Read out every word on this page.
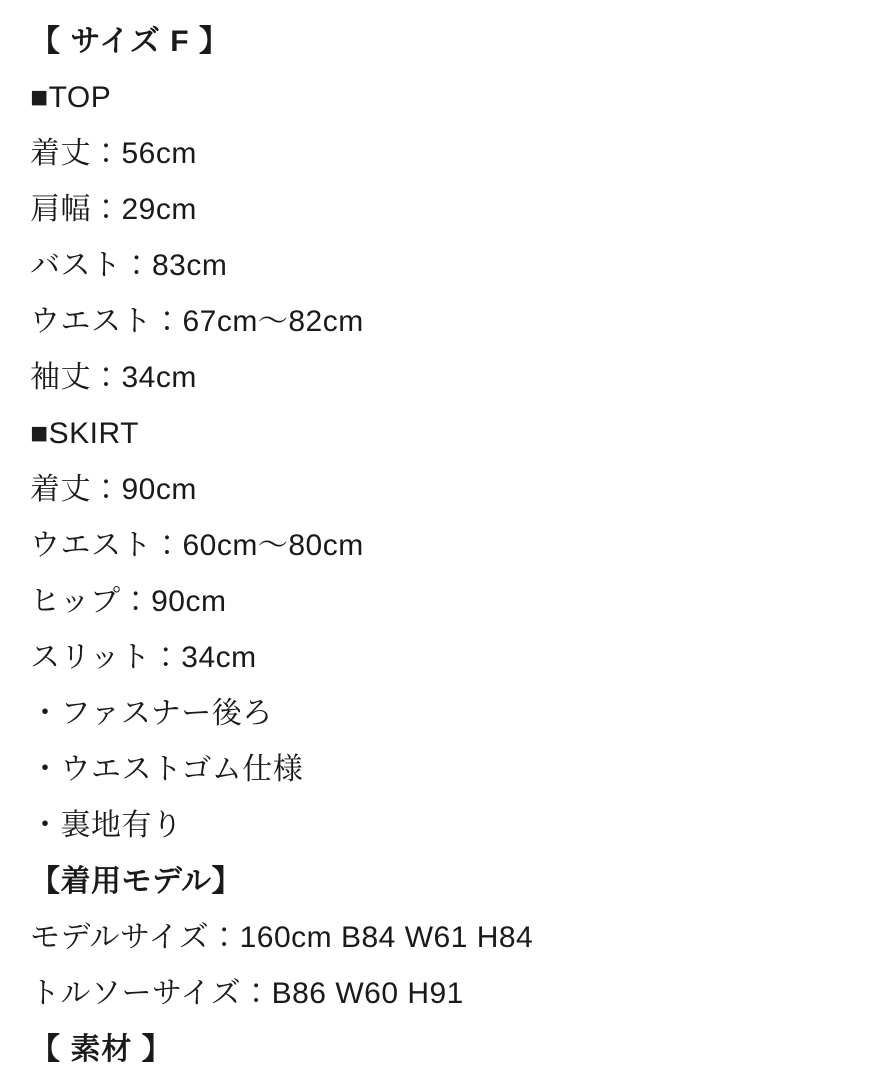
【 サイズ F 】
■TOP
着丈：56cm
肩幅：29cm
バスト：83cm
ウエスト：67cm〜82cm
袖丈：34cm
■SKIRT
着丈：90cm
ウエスト：60cm〜80cm
ヒップ：90cm
スリット：34cm
・ファスナー後ろ
・ウエストゴム仕様
・裏地有り
【着用モデル】
モデルサイズ：160cm B84 W61 H84
トルソーサイズ：B86 W60 H91
【 素材 】
